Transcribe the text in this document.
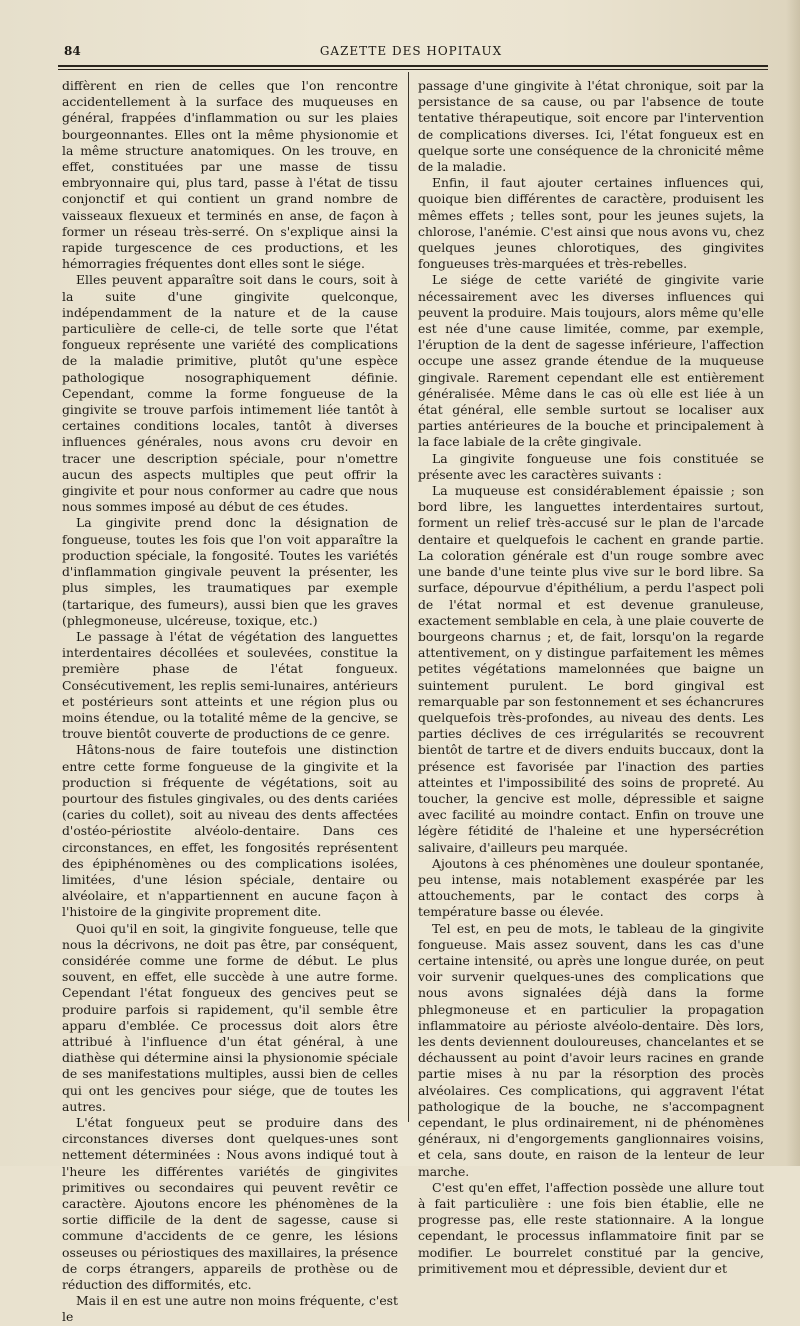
84	GAZETTE DES HOPITAUX

diffèrent en rien de celles que l'on rencontre accidentellement à la surface des muqueuses en général, frappées d'inflammation ou sur les plaies bourgeonnantes. Elles ont la même physionomie et la même structure anatomiques. On les trouve, en effet, constituées par une masse de tissu embryonnaire qui, plus tard, passe à l'état de tissu conjonctif et qui contient un grand nombre de vaisseaux flexueux et terminés en anse, de façon à former un réseau très-serré. On s'explique ainsi la rapide turgescence de ces productions, et les hémorragies fréquentes dont elles sont le siége.

Elles peuvent apparaître soit dans le cours, soit à la suite d'une gingivite quelconque, indépendamment de la nature et de la cause particulière de celle-ci, de telle sorte que l'état fongueux représente une variété des complications de la maladie primitive, plutôt qu'une espèce pathologique nosographiquement définie. Cependant, comme la forme fongueuse de la gingivite se trouve parfois intimement liée tantôt à certaines conditions locales, tantôt à diverses influences générales, nous avons cru devoir en tracer une description spéciale, pour n'omettre aucun des aspects multiples que peut offrir la gingivite et pour nous conformer au cadre que nous nous sommes imposé au début de ces études.

La gingivite prend donc la désignation de fongueuse, toutes les fois que l'on voit apparaître la production spéciale, la fongosité. Toutes les variétés d'inflammation gingivale peuvent la présenter, les plus simples, les traumatiques par exemple (tartarique, des fumeurs), aussi bien que les graves (phlegmoneuse, ulcéreuse, toxique, etc.)

Le passage à l'état de végétation des languettes interdentaires décollées et soulevées, constitue la première phase de l'état fongueux. Consécutivement, les replis semi-lunaires, antérieurs et postérieurs sont atteints et une région plus ou moins étendue, ou la totalité même de la gencive, se trouve bientôt couverte de productions de ce genre.

Hâtons-nous de faire toutefois une distinction entre cette forme fongueuse de la gingivite et la production si fréquente de végétations, soit au pourtour des fistules gingivales, ou des dents cariées (caries du collet), soit au niveau des dents affectées d'ostéo-périostite alvéolo-dentaire. Dans ces circonstances, en effet, les fongosités représentent des épiphénomènes ou des complications isolées, limitées, d'une lésion spéciale, dentaire ou alvéolaire, et n'appartiennent en aucune façon à l'histoire de la gingivite proprement dite.

Quoi qu'il en soit, la gingivite fongueuse, telle que nous la décrivons, ne doit pas être, par conséquent, considérée comme une forme de début. Le plus souvent, en effet, elle succède à une autre forme. Cependant l'état fongueux des gencives peut se produire parfois si rapidement, qu'il semble être apparu d'emblée. Ce processus doit alors être attribué à l'influence d'un état général, à une diathèse qui détermine ainsi la physionomie spéciale de ses manifestations multiples, aussi bien de celles qui ont les gencives pour siége, que de toutes les autres.

L'état fongueux peut se produire dans des circonstances diverses dont quelques-unes sont nettement déterminées : Nous avons indiqué tout à l'heure les différentes variétés de gingivites primitives ou secondaires qui peuvent revêtir ce caractère. Ajoutons encore les phénomènes de la sortie difficile de la dent de sagesse, cause si commune d'accidents de ce genre, les lésions osseuses ou périostiques des maxillaires, la présence de corps étrangers, appareils de prothèse ou de réduction des difformités, etc.

Mais il en est une autre non moins fréquente, c'est le

passage d'une gingivite à l'état chronique, soit par la persistance de sa cause, ou par l'absence de toute tentative thérapeutique, soit encore par l'intervention de complications diverses. Ici, l'état fongueux est en quelque sorte une conséquence de la chronicité même de la maladie.

Enfin, il faut ajouter certaines influences qui, quoique bien différentes de caractère, produisent les mêmes effets ; telles sont, pour les jeunes sujets, la chlorose, l'anémie. C'est ainsi que nous avons vu, chez quelques jeunes chlorotiques, des gingivites fongueuses très-marquées et très-rebelles.

Le siége de cette variété de gingivite varie nécessairement avec les diverses influences qui peuvent la produire. Mais toujours, alors même qu'elle est née d'une cause limitée, comme, par exemple, l'éruption de la dent de sagesse inférieure, l'affection occupe une assez grande étendue de la muqueuse gingivale. Rarement cependant elle est entièrement généralisée. Même dans le cas où elle est liée à un état général, elle semble surtout se localiser aux parties antérieures de la bouche et principalement à la face labiale de la crête gingivale.

La gingivite fongueuse une fois constituée se présente avec les caractères suivants :

La muqueuse est considérablement épaissie ; son bord libre, les languettes interdentaires surtout, forment un relief très-accusé sur le plan de l'arcade dentaire et quelquefois le cachent en grande partie. La coloration générale est d'un rouge sombre avec une bande d'une teinte plus vive sur le bord libre. Sa surface, dépourvue d'épithélium, a perdu l'aspect poli de l'état normal et est devenue granuleuse, exactement semblable en cela, à une plaie couverte de bourgeons charnus ; et, de fait, lorsqu'on la regarde attentivement, on y distingue parfaitement les mêmes petites végétations mamelonnées que baigne un suintement purulent. Le bord gingival est remarquable par son festonnement et ses échancrures quelquefois très-profondes, au niveau des dents. Les parties déclives de ces irrégularités se recouvrent bientôt de tartre et de divers enduits buccaux, dont la présence est favorisée par l'inaction des parties atteintes et l'impossibilité des soins de propreté. Au toucher, la gencive est molle, dépressible et saigne avec facilité au moindre contact. Enfin on trouve une légère fétidité de l'haleine et une hypersécrétion salivaire, d'ailleurs peu marquée.

Ajoutons à ces phénomènes une douleur spontanée, peu intense, mais notablement exaspérée par les attouchements, par le contact des corps à température basse ou élevée.

Tel est, en peu de mots, le tableau de la gingivite fongueuse. Mais assez souvent, dans les cas d'une certaine intensité, ou après une longue durée, on peut voir survenir quelques-unes des complications que nous avons signalées déjà dans la forme phlegmoneuse et en particulier la propagation inflammatoire au périoste alvéolo-dentaire. Dès lors, les dents deviennent douloureuses, chancelantes et se déchaussent au point d'avoir leurs racines en grande partie mises à nu par la résorption des procès alvéolaires. Ces complications, qui aggravent l'état pathologique de la bouche, ne s'accompagnent cependant, le plus ordinairement, ni de phénomènes généraux, ni d'engorgements ganglionnaires voisins, et cela, sans doute, en raison de la lenteur de leur marche.

C'est qu'en effet, l'affection possède une allure tout à fait particulière : une fois bien établie, elle ne progresse pas, elle reste stationnaire. A la longue cependant, le processus inflammatoire finit par se modifier. Le bourrelet constitué par la gencive, primitivement mou et dépressible, devient dur et
